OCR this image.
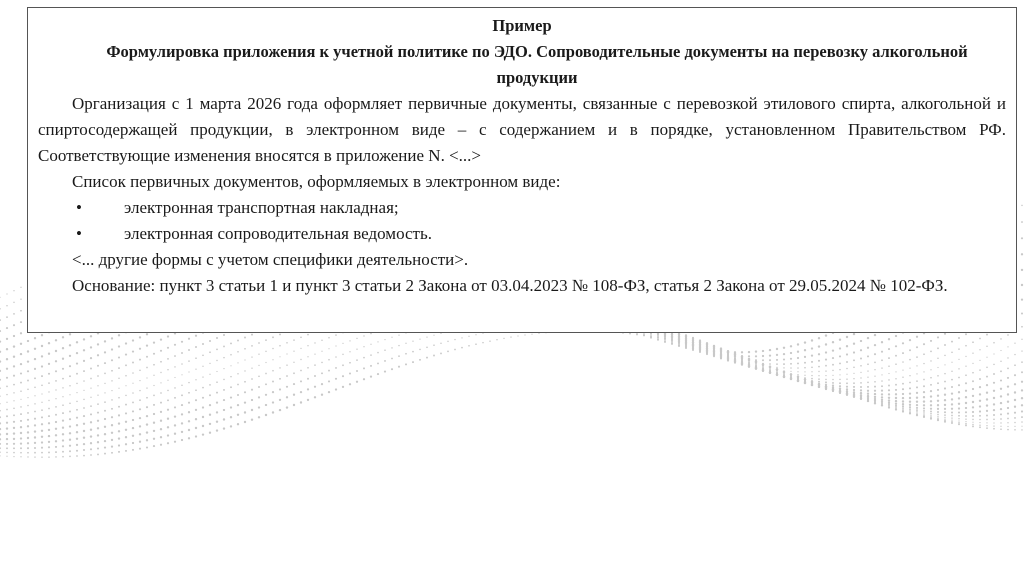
Пример
Формулировка приложения к учетной политике по ЭДО. Сопроводительные документы на перевозку алкогольной продукции

Организация с 1 марта 2026 года оформляет первичные документы, связанные с перевозкой этилового спирта, алкогольной и спиртосодержащей продукции, в электронном виде – с содержанием и в порядке, установленном Правительством РФ. Соответствующие изменения вносятся в приложение N. <...>

Список первичных документов, оформляемых в электронном виде:

•	электронная транспортная накладная;
•	электронная сопроводительная ведомость.

<... другие формы с учетом специфики деятельности>.

Основание: пункт 3 статьи 1 и пункт 3 статьи 2 Закона от 03.04.2023 № 108-ФЗ, статья 2 Закона от 29.05.2024 № 102-ФЗ.
